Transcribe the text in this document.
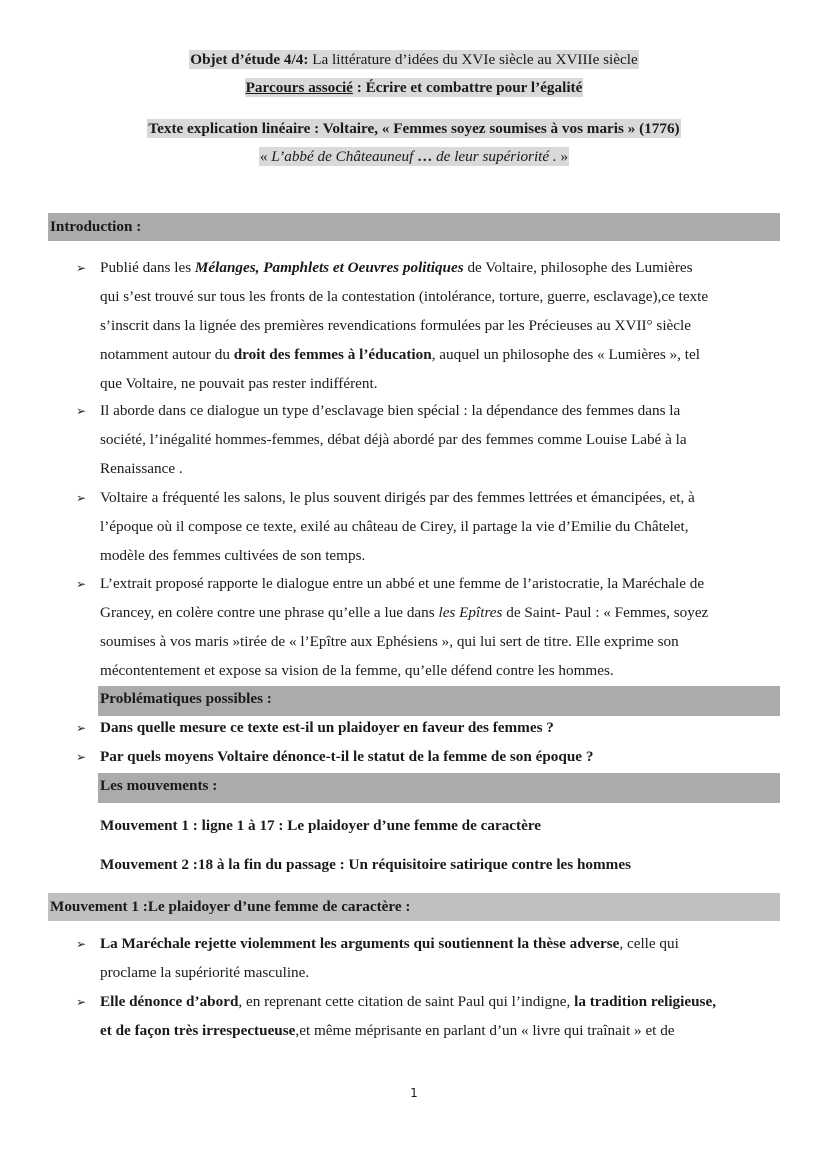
Objet d’étude 4/4: La littérature d’idées du XVIe siècle au XVIIIe siècle
Parcours associé : Écrire et combattre pour l’égalité
Texte explication linéaire : Voltaire, « Femmes soyez soumises à vos maris » (1776)
« L’abbé de Châteauneuf … de leur supériorité . »
Introduction :
➢ Publié dans les Mélanges, Pamphlets et Oeuvres politiques de Voltaire, philosophe des Lumières
qui s’est trouvé sur tous les fronts de la contestation (intolérance, torture, guerre, esclavage),ce texte
s’inscrit dans la lignée des premières revendications formulées par les Précieuses au XVII° siècle
notamment autour du droit des femmes à l’éducation, auquel un philosophe des « Lumières », tel
que Voltaire, ne pouvait pas rester indifférent.
➢ Il aborde dans ce dialogue un type d’esclavage bien spécial : la dépendance des femmes dans la
société, l’inégalité hommes-femmes, débat déjà abordé par des femmes comme Louise Labé à la
Renaissance .
➢ Voltaire a fréquenté les salons, le plus souvent dirigés par des femmes lettrées et émancipées, et, à
l’époque où il compose ce texte, exilé au château de Cirey, il partage la vie d’Emilie du Châtelet,
modèle des femmes cultivées de son temps.
➢ L’extrait proposé rapporte le dialogue entre un abbé et une femme de l’aristocratie, la Maréchale de
Grancey, en colère contre une phrase qu’elle a lue dans les Epîtres de Saint- Paul : « Femmes, soyez
soumises à vos maris »tirée de « l’Epître aux Ephésiens », qui lui sert de titre. Elle exprime son
mécontentement et expose sa vision de la femme, qu’elle défend contre les hommes.
Problématiques possibles :
➢ Dans quelle mesure ce texte est-il un plaidoyer en faveur des femmes ?
➢ Par quels moyens Voltaire dénonce-t-il le statut de la femme de son époque ?
Les mouvements :
Mouvement 1 : ligne 1 à 17 : Le plaidoyer d’une femme de caractère
Mouvement 2 :18 à la fin du passage : Un réquisitoire satirique contre les hommes
Mouvement 1 :Le plaidoyer d’une femme de caractère :
➢ La Maréchale rejette violemment les arguments qui soutiennent la thèse adverse, celle qui
proclame la supériorité masculine.
➢ Elle dénonce d’abord, en reprenant cette citation de saint Paul qui l’indigne, la tradition religieuse,
et de façon très irrespectueuse,et même méprisante en parlant d’un « livre qui traînait » et de
1
